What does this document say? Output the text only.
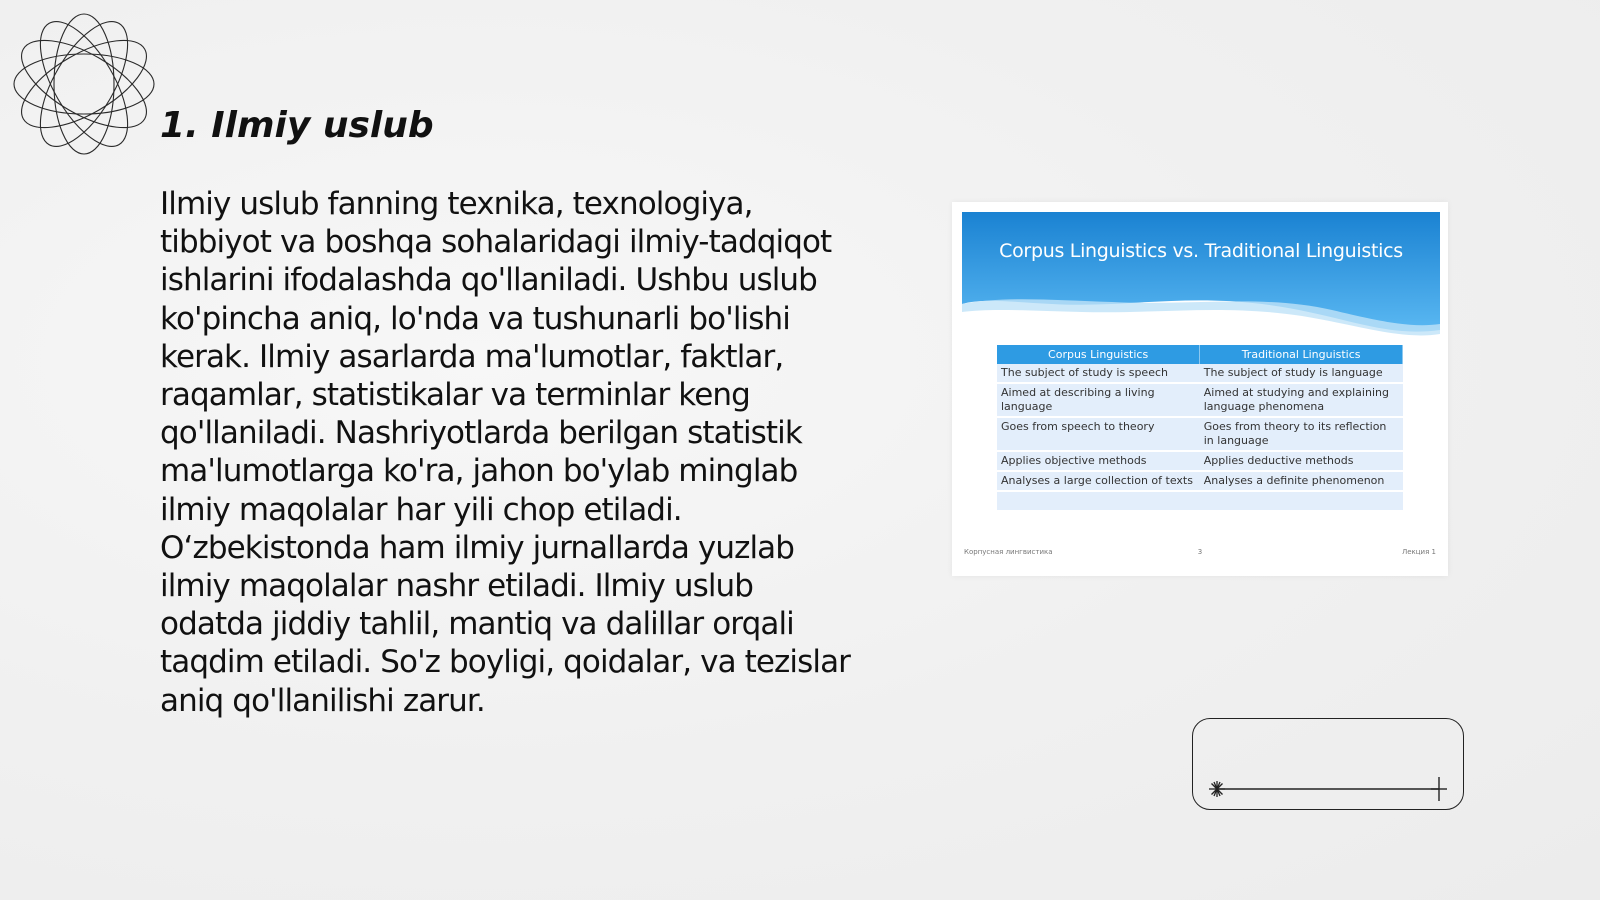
1. Ilmiy uslub

Ilmiy uslub fanning texnika, texnologiya, tibbiyot va boshqa sohalaridagi ilmiy-tadqiqot ishlarini ifodalashda qo'llaniladi. Ushbu uslub ko'pincha aniq, lo'nda va tushunarli bo'lishi kerak. Ilmiy asarlarda ma'lumotlar, faktlar, raqamlar, statistikalar va terminlar keng qo'llaniladi. Nashriyotlarda berilgan statistik ma'lumotlarga ko'ra, jahon bo'ylab minglab ilmiy maqolalar har yili chop etiladi. O‘zbekistonda ham ilmiy jurnallarda yuzlab ilmiy maqolalar nashr etiladi. Ilmiy uslub odatda jiddiy tahlil, mantiq va dalillar orqali taqdim etiladi. So'z boyligi, qoidalar, va tezislar aniq qo'llanilishi zarur.

Corpus Linguistics vs. Traditional Linguistics
Corpus Linguistics	Traditional Linguistics
The subject of study is speech	The subject of study is language
Aimed at describing a living language	Aimed at studying and explaining language phenomena
Goes from speech to theory	Goes from theory to its reflection in language
Applies objective methods	Applies deductive methods
Analyses a large collection of texts	Analyses a definite phenomenon

Корпусная лингвистика	3	Лекция 1
